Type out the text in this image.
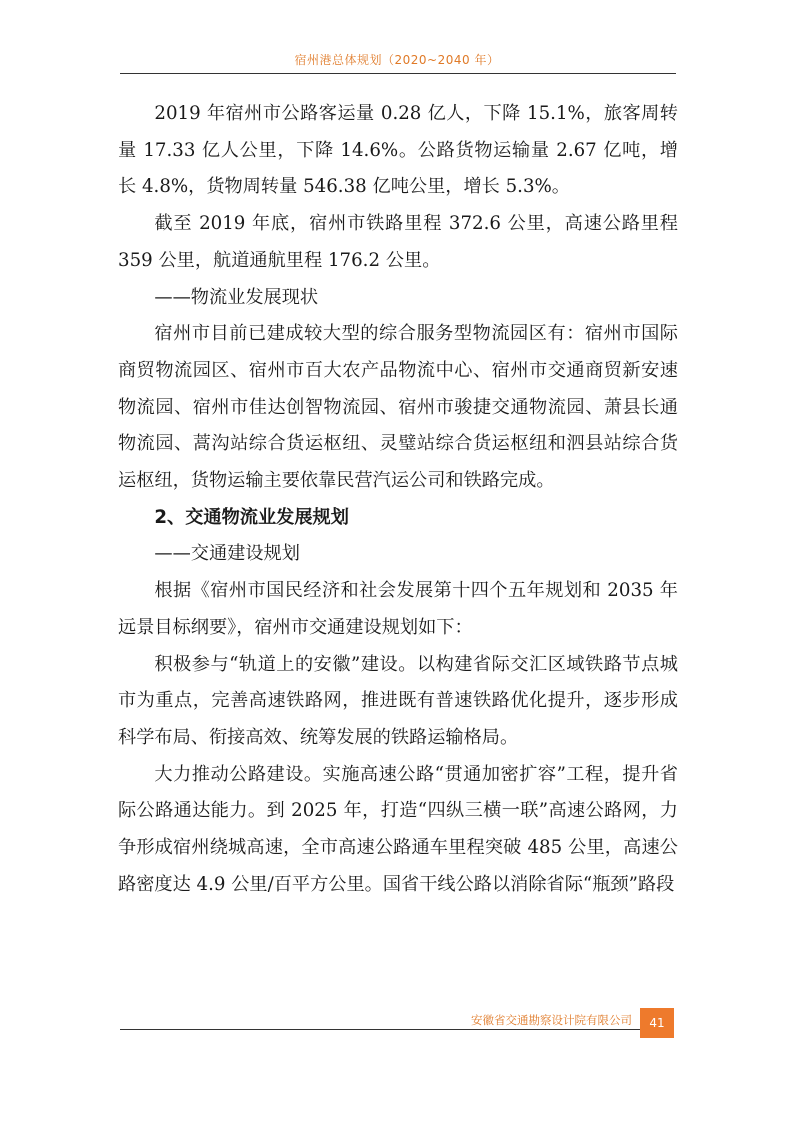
宿州港总体规划（2020~2040 年）

2019 年宿州市公路客运量 0.28 亿人，下降 15.1%，旅客周转量 17.33 亿人公里，下降 14.6%。公路货物运输量 2.67 亿吨，增长 4.8%，货物周转量 546.38 亿吨公里，增长 5.3%。

截至 2019 年底，宿州市铁路里程 372.6 公里，高速公路里程 359 公里，航道通航里程 176.2 公里。

——物流业发展现状

宿州市目前已建成较大型的综合服务型物流园区有：宿州市国际商贸物流园区、宿州市百大农产品物流中心、宿州市交通商贸新安速物流园、宿州市佳达创智物流园、宿州市骏捷交通物流园、萧县长通物流园、蒿沟站综合货运枢纽、灵璧站综合货运枢纽和泗县站综合货运枢纽，货物运输主要依靠民营汽运公司和铁路完成。

2、交通物流业发展规划

——交通建设规划

根据《宿州市国民经济和社会发展第十四个五年规划和 2035 年远景目标纲要》，宿州市交通建设规划如下：

积极参与“轨道上的安徽”建设。以构建省际交汇区域铁路节点城市为重点，完善高速铁路网，推进既有普速铁路优化提升，逐步形成科学布局、衔接高效、统筹发展的铁路运输格局。

大力推动公路建设。实施高速公路“贯通加密扩容”工程，提升省际公路通达能力。到 2025 年，打造“四纵三横一联”高速公路网，力争形成宿州绕城高速，全市高速公路通车里程突破 485 公里，高速公路密度达 4.9 公里/百平方公里。国省干线公路以消除省际“瓶颈”路段

安徽省交通勘察设计院有限公司	41
